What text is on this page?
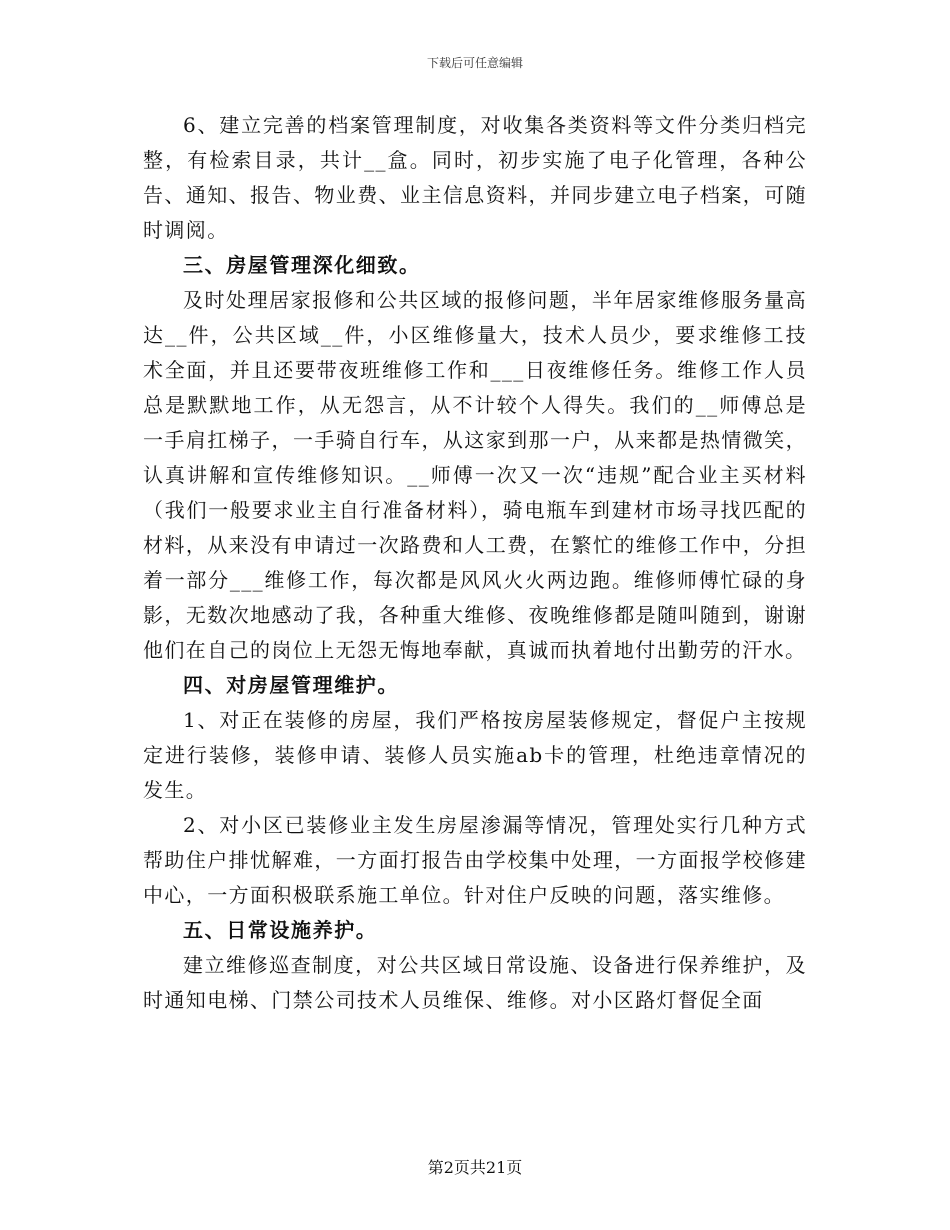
下载后可任意编辑

6、建立完善的档案管理制度，对收集各类资料等文件分类归档完整，有检索目录，共计__盒。同时，初步实施了电子化管理，各种公告、通知、报告、物业费、业主信息资料，并同步建立电子档案，可随时调阅。

三、房屋管理深化细致。

及时处理居家报修和公共区域的报修问题，半年居家维修服务量高达__件，公共区域__件，小区维修量大，技术人员少，要求维修工技术全面，并且还要带夜班维修工作和___日夜维修任务。维修工作人员总是默默地工作，从无怨言，从不计较个人得失。我们的__师傅总是一手肩扛梯子，一手骑自行车，从这家到那一户，从来都是热情微笑，认真讲解和宣传维修知识。__师傅一次又一次“违规”配合业主买材料（我们一般要求业主自行准备材料），骑电瓶车到建材市场寻找匹配的材料，从来没有申请过一次路费和人工费，在繁忙的维修工作中，分担着一部分___维修工作，每次都是风风火火两边跑。维修师傅忙碌的身影，无数次地感动了我，各种重大维修、夜晚维修都是随叫随到，谢谢他们在自己的岗位上无怨无悔地奉献，真诚而执着地付出勤劳的汗水。

四、对房屋管理维护。

1、对正在装修的房屋，我们严格按房屋装修规定，督促户主按规定进行装修，装修申请、装修人员实施ab卡的管理，杜绝违章情况的发生。

2、对小区已装修业主发生房屋渗漏等情况，管理处实行几种方式帮助住户排忧解难，一方面打报告由学校集中处理，一方面报学校修建中心，一方面积极联系施工单位。针对住户反映的问题，落实维修。

五、日常设施养护。

建立维修巡查制度，对公共区域日常设施、设备进行保养维护，及时通知电梯、门禁公司技术人员维保、维修。对小区路灯督促全面

第2页共21页
